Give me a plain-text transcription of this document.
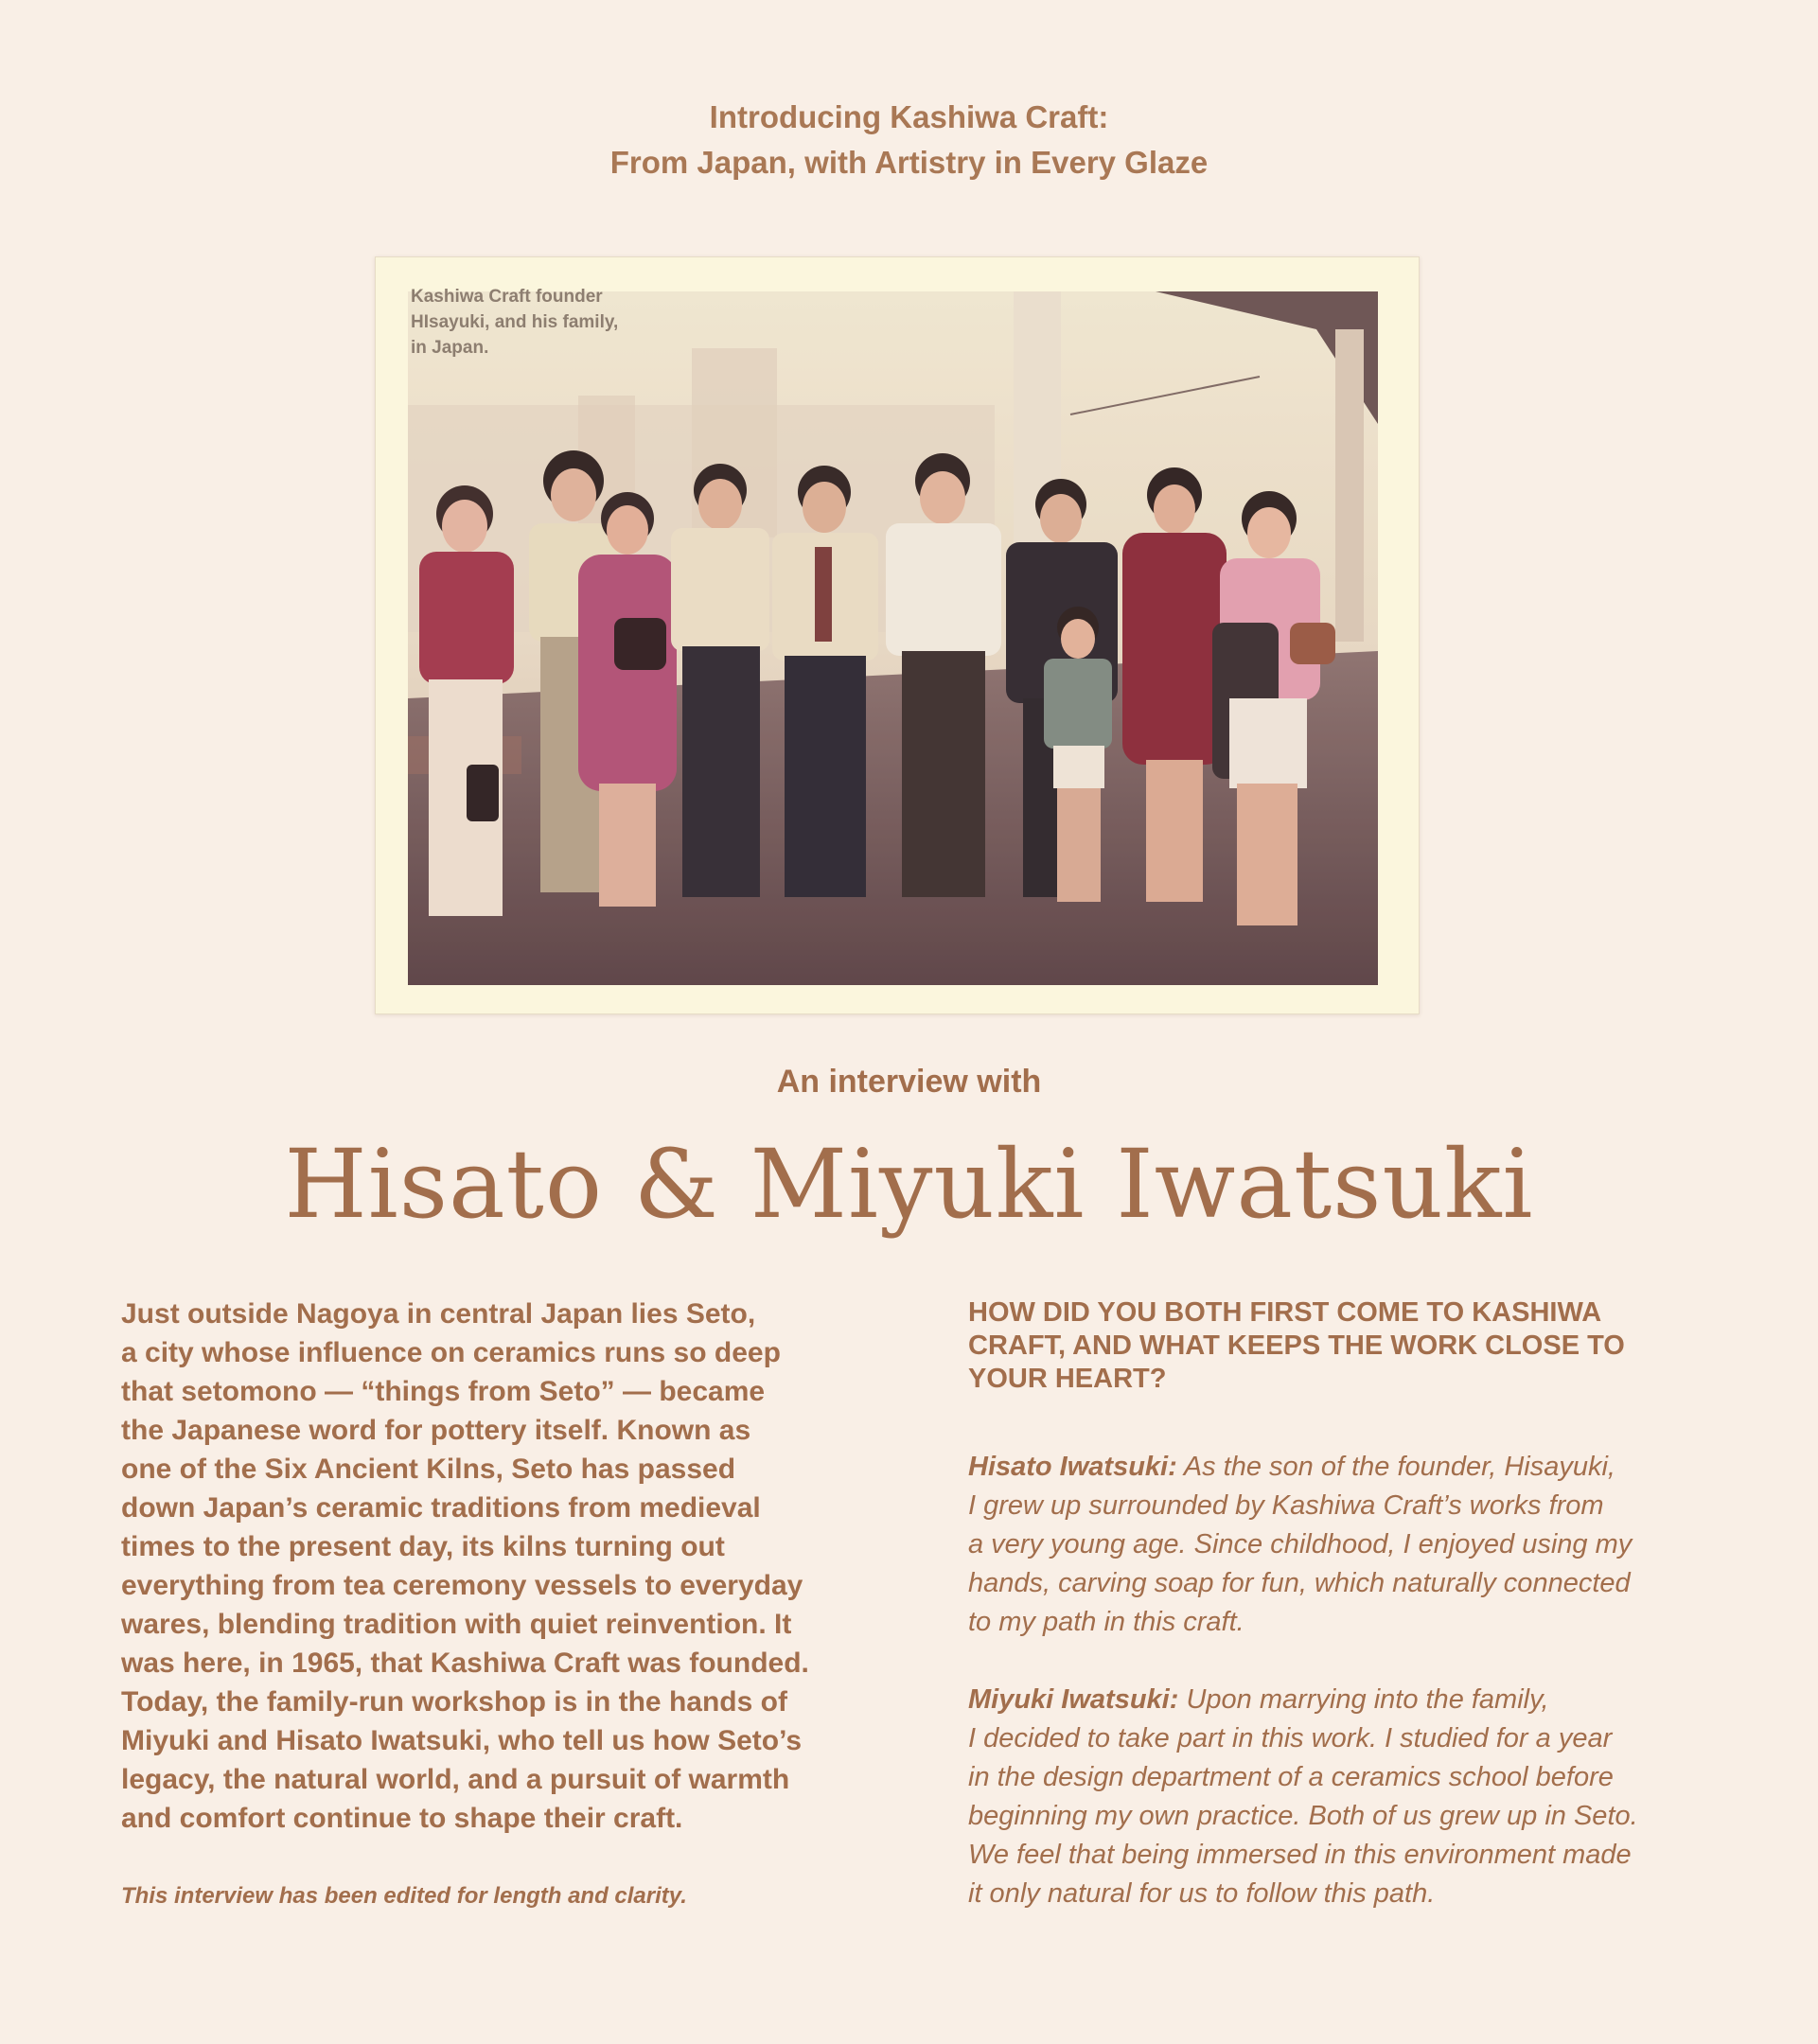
Introducing Kashiwa Craft:
From Japan, with Artistry in Every Glaze
Kashiwa Craft founder
HIsayuki, and his family,
in Japan.
An interview with
Hisato & Miyuki Iwatsuki
Just outside Nagoya in central Japan lies Seto,
a city whose influence on ceramics runs so deep
that setomono — “things from Seto” — became
the Japanese word for pottery itself. Known as
one of the Six Ancient Kilns, Seto has passed
down Japan’s ceramic traditions from medieval
times to the present day, its kilns turning out
everything from tea ceremony vessels to everyday
wares, blending tradition with quiet reinvention. It
was here, in 1965, that Kashiwa Craft was founded.
Today, the family-run workshop is in the hands of
Miyuki and Hisato Iwatsuki, who tell us how Seto’s
legacy, the natural world, and a pursuit of warmth
and comfort continue to shape their craft.
This interview has been edited for length and clarity.
HOW DID YOU BOTH FIRST COME TO KASHIWA
CRAFT, AND WHAT KEEPS THE WORK CLOSE TO
YOUR HEART?
Hisato Iwatsuki: As the son of the founder, Hisayuki,
I grew up surrounded by Kashiwa Craft’s works from
a very young age. Since childhood, I enjoyed using my
hands, carving soap for fun, which naturally connected
to my path in this craft.
Miyuki Iwatsuki: Upon marrying into the family,
I decided to take part in this work. I studied for a year
in the design department of a ceramics school before
beginning my own practice. Both of us grew up in Seto.
We feel that being immersed in this environment made
it only natural for us to follow this path.
